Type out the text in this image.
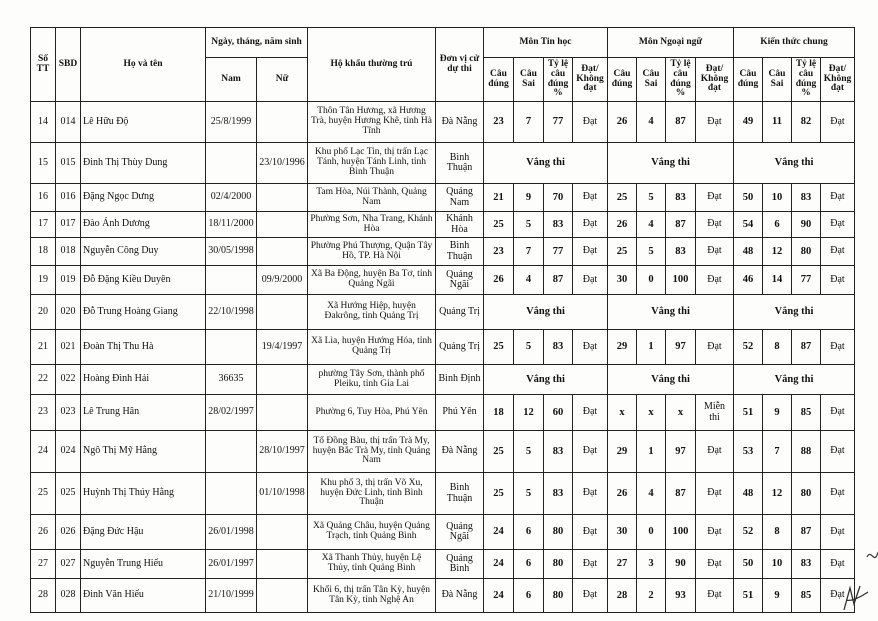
Số TT	SBD	Họ và tên	Ngày, tháng, năm sinh		Hộ khẩu thường trú	Đơn vị cử dự thi	Môn Tin học				Môn Ngoại ngữ				Kiến thức chung			
			Nam	Nữ			Câu đúng	Câu Sai	Tỷ lệ câu đúng %	Đạt/ Không đạt	Câu đúng	Câu Sai	Tỷ lệ câu đúng %	Đạt/ Không đạt	Câu đúng	Câu Sai	Tỷ lệ câu đúng %	Đạt/ Không đạt
14	014	Lê Hữu Độ	25/8/1999		Thôn Tân Hương, xã Hương Trà, huyện Hương Khê, tỉnh Hà Tĩnh	Đà Nẵng	23	7	77	Đạt	26	4	87	Đạt	49	11	82	Đạt
15	015	Đinh Thị Thùy Dung		23/10/1996	Khu phố Lạc Tin, thị trấn Lạc Tánh, huyện Tánh Linh, tỉnh Bình Thuận	Bình Thuận	Vắng thi				Vắng thi				Vắng thi			
16	016	Đặng Ngọc Dưng	02/4/2000		Tam Hòa, Núi Thành, Quảng Nam	Quảng Nam	21	9	70	Đạt	25	5	83	Đạt	50	10	83	Đạt
17	017	Đào Ánh Dương	18/11/2000		Phường Sơn, Nha Trang, Khánh Hòa	Khánh Hòa	25	5	83	Đạt	26	4	87	Đạt	54	6	90	Đạt
18	018	Nguyễn Công Duy	30/05/1998		Phường Phú Thượng, Quận Tây Hồ, TP. Hà Nội	Bình Thuận	23	7	77	Đạt	25	5	83	Đạt	48	12	80	Đạt
19	019	Đỗ Đặng Kiều Duyên		09/9/2000	Xã Ba Động, huyện Ba Tơ, tỉnh Quảng Ngãi	Quảng Ngãi	26	4	87	Đạt	30	0	100	Đạt	46	14	77	Đạt
20	020	Đỗ Trung Hoàng Giang	22/10/1998		Xã Hướng Hiệp, huyện Đakrông, tỉnh Quảng Trị	Quảng Trị	Vắng thi				Vắng thi				Vắng thi			
21	021	Đoàn Thị Thu Hà		19/4/1997	Xã Lìa, huyện Hướng Hóa, tỉnh Quảng Trị	Quảng Trị	25	5	83	Đạt	29	1	97	Đạt	52	8	87	Đạt
22	022	Hoàng Đình Hải	36635		phường Tây Sơn, thành phố Pleiku, tỉnh Gia Lai	Bình Định	Vắng thi				Vắng thi				Vắng thi			
23	023	Lê Trung Hân	28/02/1997		Phường 6, Tuy Hòa, Phú Yên	Phú Yên	18	12	60	Đạt	x	x	x	Miễn thi	51	9	85	Đạt
24	024	Ngô Thị Mỹ Hằng		28/10/1997	Tổ Đồng Bàu, thị trấn Trà My, huyện Bắc Trà My, tỉnh Quảng Nam	Đà Nẵng	25	5	83	Đạt	29	1	97	Đạt	53	7	88	Đạt
25	025	Huỳnh Thị Thúy Hằng		01/10/1998	Khu phố 3, thị trấn Võ Xu, huyện Đức Linh, tỉnh Bình Thuận	Bình Thuận	25	5	83	Đạt	26	4	87	Đạt	48	12	80	Đạt
26	026	Đặng Đức Hậu	26/01/1998		Xã Quảng Châu, huyện Quảng Trạch, tỉnh Quảng Bình	Quảng Ngãi	24	6	80	Đạt	30	0	100	Đạt	52	8	87	Đạt
27	027	Nguyễn Trung Hiếu	26/01/1997		Xã Thanh Thủy, huyện Lệ Thủy, tỉnh Quảng Bình	Quảng Bình	24	6	80	Đạt	27	3	90	Đạt	50	10	83	Đạt
28	028	Đinh Văn Hiếu	21/10/1999		Khối 6, thị trấn Tân Kỳ, huyện Tân Kỳ, tỉnh Nghệ An	Đà Nẵng	24	6	80	Đạt	28	2	93	Đạt	51	9	85	Đạt
